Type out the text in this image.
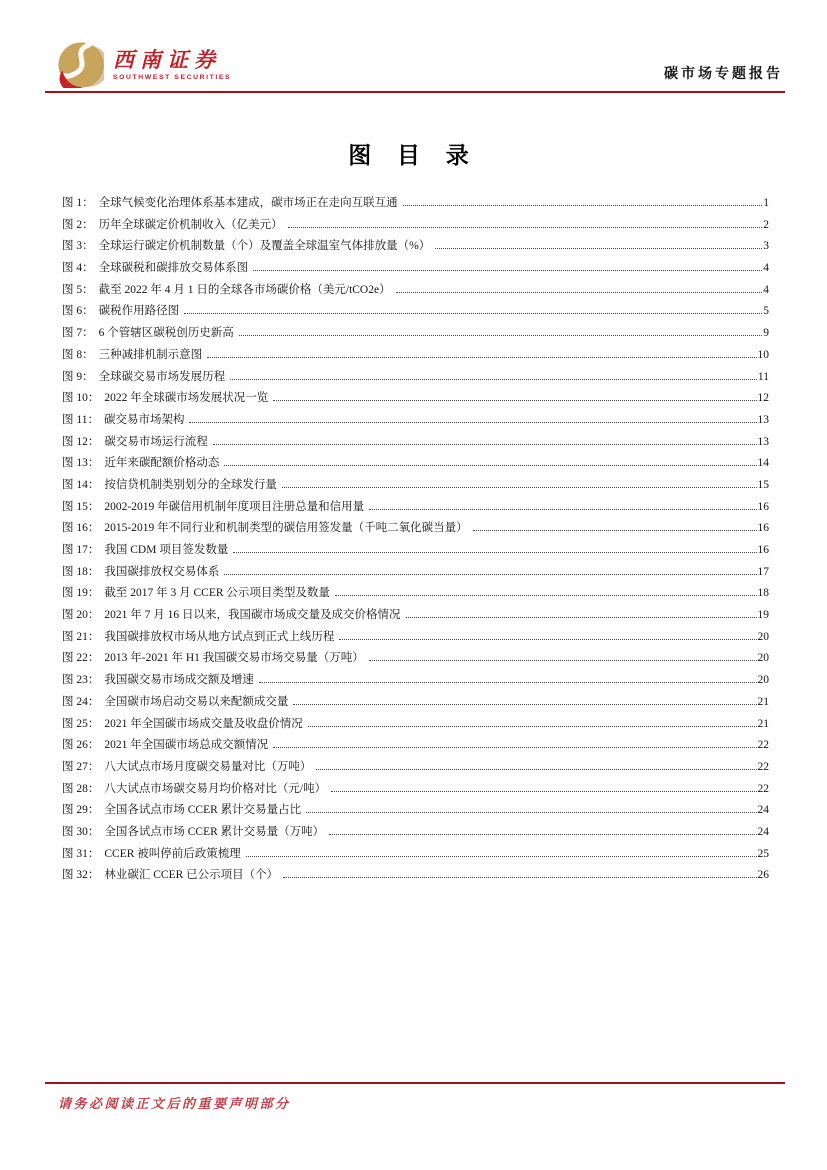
西南证券
SOUTHWEST SECURITIES	碳市场专题报告
图 目 录
图 1： 全球气候变化治理体系基本建成，碳市场正在走向互联互通	1
图 2： 历年全球碳定价机制收入（亿美元）	2
图 3： 全球运行碳定价机制数量（个）及覆盖全球温室气体排放量（%）	3
图 4： 全球碳税和碳排放交易体系图	4
图 5： 截至 2022 年 4 月 1 日的全球各市场碳价格（美元/tCO2e）	4
图 6： 碳税作用路径图	5
图 7： 6 个管辖区碳税创历史新高	9
图 8： 三种减排机制示意图	10
图 9： 全球碳交易市场发展历程	11
图 10： 2022 年全球碳市场发展状况一览	12
图 11： 碳交易市场架构	13
图 12： 碳交易市场运行流程	13
图 13： 近年来碳配额价格动态	14
图 14： 按信贷机制类别划分的全球发行量	15
图 15： 2002-2019 年碳信用机制年度项目注册总量和信用量	16
图 16： 2015-2019 年不同行业和机制类型的碳信用签发量（千吨二氧化碳当量）	16
图 17： 我国 CDM 项目签发数量	16
图 18： 我国碳排放权交易体系	17
图 19： 截至 2017 年 3 月 CCER 公示项目类型及数量	18
图 20： 2021 年 7 月 16 日以来，我国碳市场成交量及成交价格情况	19
图 21： 我国碳排放权市场从地方试点到正式上线历程	20
图 22： 2013 年-2021 年 H1 我国碳交易市场交易量（万吨）	20
图 23： 我国碳交易市场成交额及增速	20
图 24： 全国碳市场启动交易以来配额成交量	21
图 25： 2021 年全国碳市场成交量及收盘价情况	21
图 26： 2021 年全国碳市场总成交额情况	22
图 27： 八大试点市场月度碳交易量对比（万吨）	22
图 28： 八大试点市场碳交易月均价格对比（元/吨）	22
图 29： 全国各试点市场 CCER 累计交易量占比	24
图 30： 全国各试点市场 CCER 累计交易量（万吨）	24
图 31： CCER 被叫停前后政策梳理	25
图 32： 林业碳汇 CCER 已公示项目（个）	26
请务必阅读正文后的重要声明部分
